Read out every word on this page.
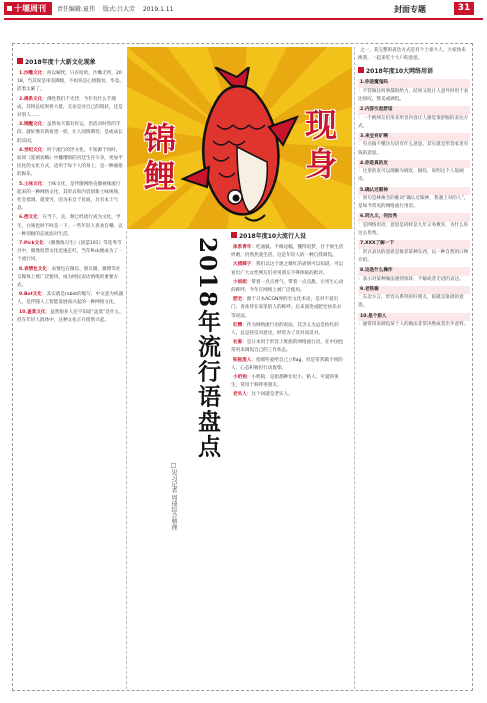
十堰周刊	责任编辑:夏伟 版式:吕大芳 2019.1.11	封面专题	31
2018年度十大新文化现象
1.沙雕文化：何以解忧，只有哈哈。沙雕无所，2018，当其说是审美降级，不如说是心情脱贫，毕竟，活着太累了。
2.佛系文化：佛性我们不光浮，今年有什么手理成，其终总结果将大抵，无论是对自己的现状，还是对别人……
3.锦鲤文化：虽然每天都有好运，但活动时常的手段，就好像有新希望一样，让人同情期待，是或成长的乐园。
4.世纪文化：时下流行的世文化，不知源于何时。如同《延禧攻略》中魏璎珞的宫廷生存斗争，更加平民化的文化方式，适用于每个人的身上，是一种通俗的娱乐。
5.土味文化：土味文化，是伴随网络直播视频流行起来的一种网络文化，其形式和内容创新土味视频，社会低调，就变穷，因为来自于民间，具有本土气息。
6.挫文化：在当下，丧、颓已经流行成为文化，学生、白领也时不时丧一下，一些年轻人喜欢自嘲，以一种消极的态度面对生活。
7.Pick文化：《偶像练习生》《创造101》等选秀节目中，偶像投票文化迅速走红，当年Pick便成为了一个流行词。
8.表情包文化：表情包在微信、朋友圈、微博等社交媒体上被广泛使用，成为网民表达情绪的重要方式。
9.Bot文化：其实就是robot的缩写，中文意为机器人，是伴随人工智能发展而兴起的一种网络文化。
10.盖莫文化：虽然很多人还不知道“盖莫”是什么，但在年轻人群体中，这种文化正在悄然兴起。
锦
鲤
现
身
2018年流行语盘点
□见习记者 周琦综合整理
2018年度10大流行人设
体系青年：吃油腻、不修边幅，懂得追梦，甘于被生活折磨，仍然热爱生活，这是年轻人的一种自我调侃。
大猪蹄子：我们以这个迷之微红的表情可以知道，可以看出广大女性网友们对男朋友不够体贴的批评。
小姐姐：带着一点点香气，带着一点点甜，让男生心动的称呼，今年在网络上被广泛使用。
肥宅：源于日本ACGN界的宅文化术语，是对不爱出门、喜欢待在家里的人的称呼，后来演变成肥宅快乐水等说法。
杠精：作为网络流行语的说法，其含义为总是抬杠的人，总是持反对意见，经常为了反对而反对。
社畜：是日本用于形容上班族的网络流行语，在中国也常用来调侃自己的工作状态。
积极废人：指那些爱给自己立flag，但是常常做不到的人，心态积极但行动废柴。
小奶狗：小奶狗，是指那种年纪小、粘人、可爱的男生，常用于称呼男朋友。
老实人：这个词就是老实人。
之一，其完整的表达方式是有个土豪大人，大家快来换我，一起来吃个大户的意思。
2018年度10大网络用语
1.你是魔鬼吗
：不管做任何事都很给力，结果又很让人意外时用于表达惊叹，赞美或调侃。
2.内容引起舒适
：一个被网友们用来形容内容让人感觉很舒服的表达方式。
3.来宝有矿啊
：有点搞不懂这句话有什么意思，其实就是形容家里有钱的意思。
4.你是真的皮
：这里的皮可以理解为调皮、搞怪，说明这个人很顽皮。
5.确认过眼神
：原句是林俊杰的歌词“确认过眼神，我遇上对的人”，是如今常见的网络流行用语。
6.同九义，何汝秀
：是网络用语，意思是同样是九年义务教育，为什么你这么优秀。
7.XXX了解一下
：形式表达的意思是推荐某种东西，以一种自然的口吻介绍。
8.这是什么操作
：表示对某种做法感到惊讶、不解或者无语的表达。
9.老铁稳
：东北方言，形容关系铁的好朋友，稳就是靠谱的意思。
10.是个狠人
：通常用来调侃某个人的做法非常决绝或者出乎意料。
